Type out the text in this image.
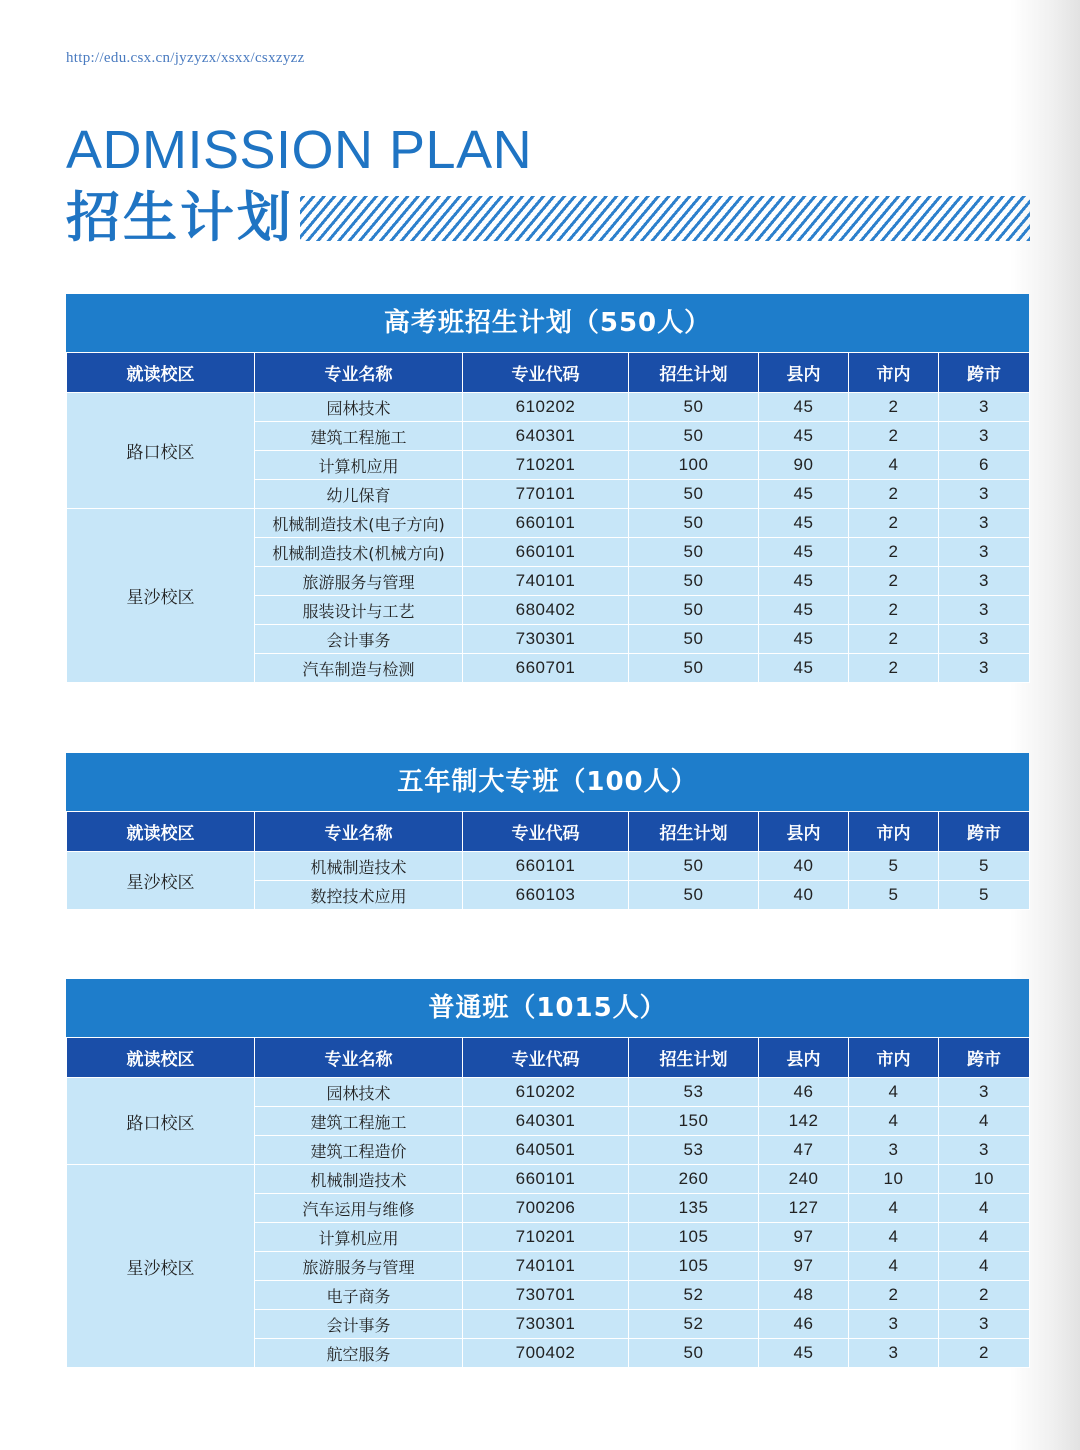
http://edu.csx.cn/jyzyzx/xsxx/csxzyzz
ADMISSION PLAN
招生计划
高考班招生计划（550人）
就读校区	专业名称	专业代码	招生计划	县内	市内	跨市
路口校区	园林技术	610202	50	45	2	3
	建筑工程施工	640301	50	45	2	3
	计算机应用	710201	100	90	4	6
	幼儿保育	770101	50	45	2	3
星沙校区	机械制造技术(电子方向)	660101	50	45	2	3
	机械制造技术(机械方向)	660101	50	45	2	3
	旅游服务与管理	740101	50	45	2	3
	服装设计与工艺	680402	50	45	2	3
	会计事务	730301	50	45	2	3
	汽车制造与检测	660701	50	45	2	3
五年制大专班（100人）
就读校区	专业名称	专业代码	招生计划	县内	市内	跨市
星沙校区	机械制造技术	660101	50	40	5	5
	数控技术应用	660103	50	40	5	5
普通班（1015人）
就读校区	专业名称	专业代码	招生计划	县内	市内	跨市
路口校区	园林技术	610202	53	46	4	3
	建筑工程施工	640301	150	142	4	4
	建筑工程造价	640501	53	47	3	3
星沙校区	机械制造技术	660101	260	240	10	10
	汽车运用与维修	700206	135	127	4	4
	计算机应用	710201	105	97	4	4
	旅游服务与管理	740101	105	97	4	4
	电子商务	730701	52	48	2	2
	会计事务	730301	52	46	3	3
	航空服务	700402	50	45	3	2
